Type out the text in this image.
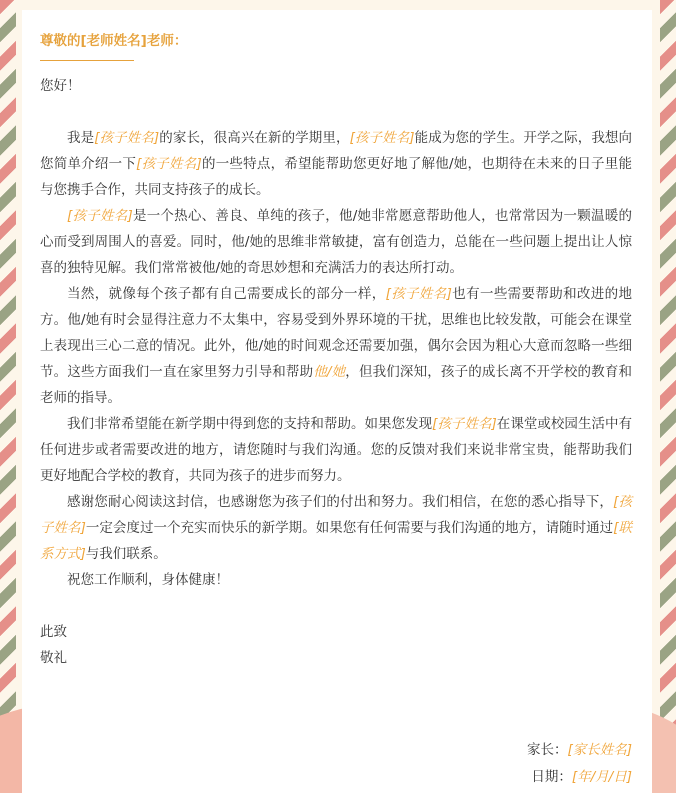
尊敬的[老师姓名]老师：
您好！

我是[孩子姓名]的家长，很高兴在新的学期里，[孩子姓名]能成为您的学生。开学之际，我想向您简单介绍一下[孩子姓名]的一些特点，希望能帮助您更好地了解他/她，也期待在未来的日子里能与您携手合作，共同支持孩子的成长。

[孩子姓名]是一个热心、善良、单纯的孩子，他/她非常愿意帮助他人，也常常因为一颗温暖的心而受到周围人的喜爱。同时，他/她的思维非常敏捷，富有创造力，总能在一些问题上提出让人惊喜的独特见解。我们常常被他/她的奇思妙想和充满活力的表达所打动。

当然，就像每个孩子都有自己需要成长的部分一样，[孩子姓名]也有一些需要帮助和改进的地方。他/她有时会显得注意力不太集中，容易受到外界环境的干扰，思维也比较发散，可能会在课堂上表现出三心二意的情况。此外，他/她的时间观念还需要加强，偶尔会因为粗心大意而忽略一些细节。这些方面我们一直在家里努力引导和帮助他/她，但我们深知，孩子的成长离不开学校的教育和老师的指导。

我们非常希望能在新学期中得到您的支持和帮助。如果您发现[孩子姓名]在课堂或校园生活中有任何进步或者需要改进的地方，请您随时与我们沟通。您的反馈对我们来说非常宝贵，能帮助我们更好地配合学校的教育，共同为孩子的进步而努力。

感谢您耐心阅读这封信，也感谢您为孩子们的付出和努力。我们相信，在您的悉心指导下，[孩子姓名]一定会度过一个充实而快乐的新学期。如果您有任何需要与我们沟通的地方，请随时通过[联系方式]与我们联系。

祝您工作顺利，身体健康！

此致
敬礼
家长：[家长姓名]
日期：[年/月/日]
